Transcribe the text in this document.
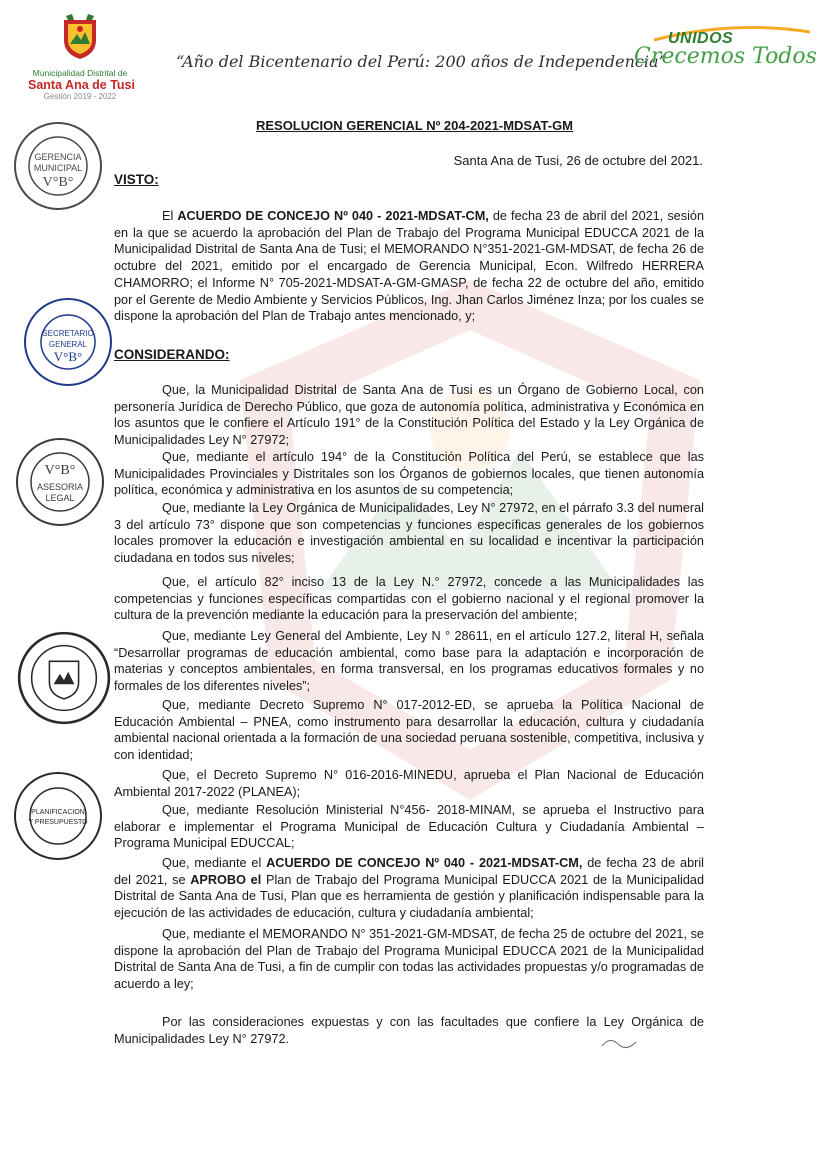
Municipalidad Distrital de
Santa Ana de Tusi
Gestión 2019 - 2022
“Año del Bicentenario del Perú: 200 años de Independencia”
UNIDOS
Crecemos Todos
GERENCIA
MUNICIPAL
V°B°
SECRETARIO
GENERAL
V°B°
V°B°
ASESORIA
LEGAL
PLANIFICACION
Y PRESUPUESTO
RESOLUCION GERENCIAL Nº 204-2021-MDSAT-GM
Santa Ana de Tusi, 26 de octubre del 2021.
VISTO:
El ACUERDO DE CONCEJO Nº 040 - 2021-MDSAT-CM, de fecha 23 de abril del 2021, sesión en la que se acuerdo la aprobación del Plan de Trabajo del Programa Municipal EDUCCA 2021 de la Municipalidad Distrital de Santa Ana de Tusi; el MEMORANDO N°351-2021-GM-MDSAT, de fecha 26 de octubre del 2021, emitido por el encargado de Gerencia Municipal, Econ. Wilfredo HERRERA CHAMORRO; el Informe N° 705-2021-MDSAT-A-GM-GMASP, de fecha 22 de octubre del año, emitido por el Gerente de Medio Ambiente y Servicios Públicos, Ing. Jhan Carlos Jiménez Inza; por los cuales se dispone la aprobación del Plan de Trabajo antes mencionado, y;
CONSIDERANDO:
Que, la Municipalidad Distrital de Santa Ana de Tusi es un Órgano de Gobierno Local, con personería Jurídica de Derecho Público, que goza de autonomía política, administrativa y Económica en los asuntos que le confiere el Artículo 191° de la Constitución Política del Estado y la Ley Orgánica de Municipalidades Ley N° 27972;
Que, mediante el artículo 194° de la Constitución Política del Perú, se establece que las Municipalidades Provinciales y Distritales son los Órganos de gobiernos locales, que tienen autonomía política, económica y administrativa en los asuntos de su competencia;
Que, mediante la Ley Orgánica de Municipalidades, Ley N° 27972, en el párrafo 3.3 del numeral 3 del artículo 73° dispone que son competencias y funciones específicas generales de los gobiernos locales promover la educación e investigación ambiental en su localidad e incentivar la participación ciudadana en todos sus niveles;
Que, el artículo 82° inciso 13 de la Ley N.° 27972, concede a las Municipalidades las competencias y funciones específicas compartidas con el gobierno nacional y el regional promover la cultura de la prevención mediante la educación para la preservación del ambiente;
Que, mediante Ley General del Ambiente, Ley N ° 28611, en el artículo 127.2, literal H, señala “Desarrollar programas de educación ambiental, como base para la adaptación e incorporación de materias y conceptos ambientales, en forma transversal, en los programas educativos formales y no formales de los diferentes niveles”;
Que, mediante Decreto Supremo N° 017-2012-ED, se aprueba la Política Nacional de Educación Ambiental – PNEA, como instrumento para desarrollar la educación, cultura y ciudadanía ambiental nacional orientada a la formación de una sociedad peruana sostenible, competitiva, inclusiva y con identidad;
Que, el Decreto Supremo N° 016-2016-MINEDU, aprueba el Plan Nacional de Educación Ambiental 2017-2022 (PLANEA);
Que, mediante Resolución Ministerial N°456- 2018-MINAM, se aprueba el Instructivo para elaborar e implementar el Programa Municipal de Educación Cultura y Ciudadanía Ambiental – Programa Municipal EDUCCAL;
Que, mediante el ACUERDO DE CONCEJO Nº 040 - 2021-MDSAT-CM, de fecha 23 de abril del 2021, se APROBO el Plan de Trabajo del Programa Municipal EDUCCA 2021 de la Municipalidad Distrital de Santa Ana de Tusi, Plan que es herramienta de gestión y planificación indispensable para la ejecución de las actividades de educación, cultura y ciudadanía ambiental;
Que, mediante el MEMORANDO N° 351-2021-GM-MDSAT, de fecha 25 de octubre del 2021, se dispone la aprobación del Plan de Trabajo del Programa Municipal EDUCCA 2021 de la Municipalidad Distrital de Santa Ana de Tusi, a fin de cumplir con todas las actividades propuestas y/o programadas de acuerdo a ley;
Por las consideraciones expuestas y con las facultades que confiere la Ley Orgánica de Municipalidades Ley N° 27972.
